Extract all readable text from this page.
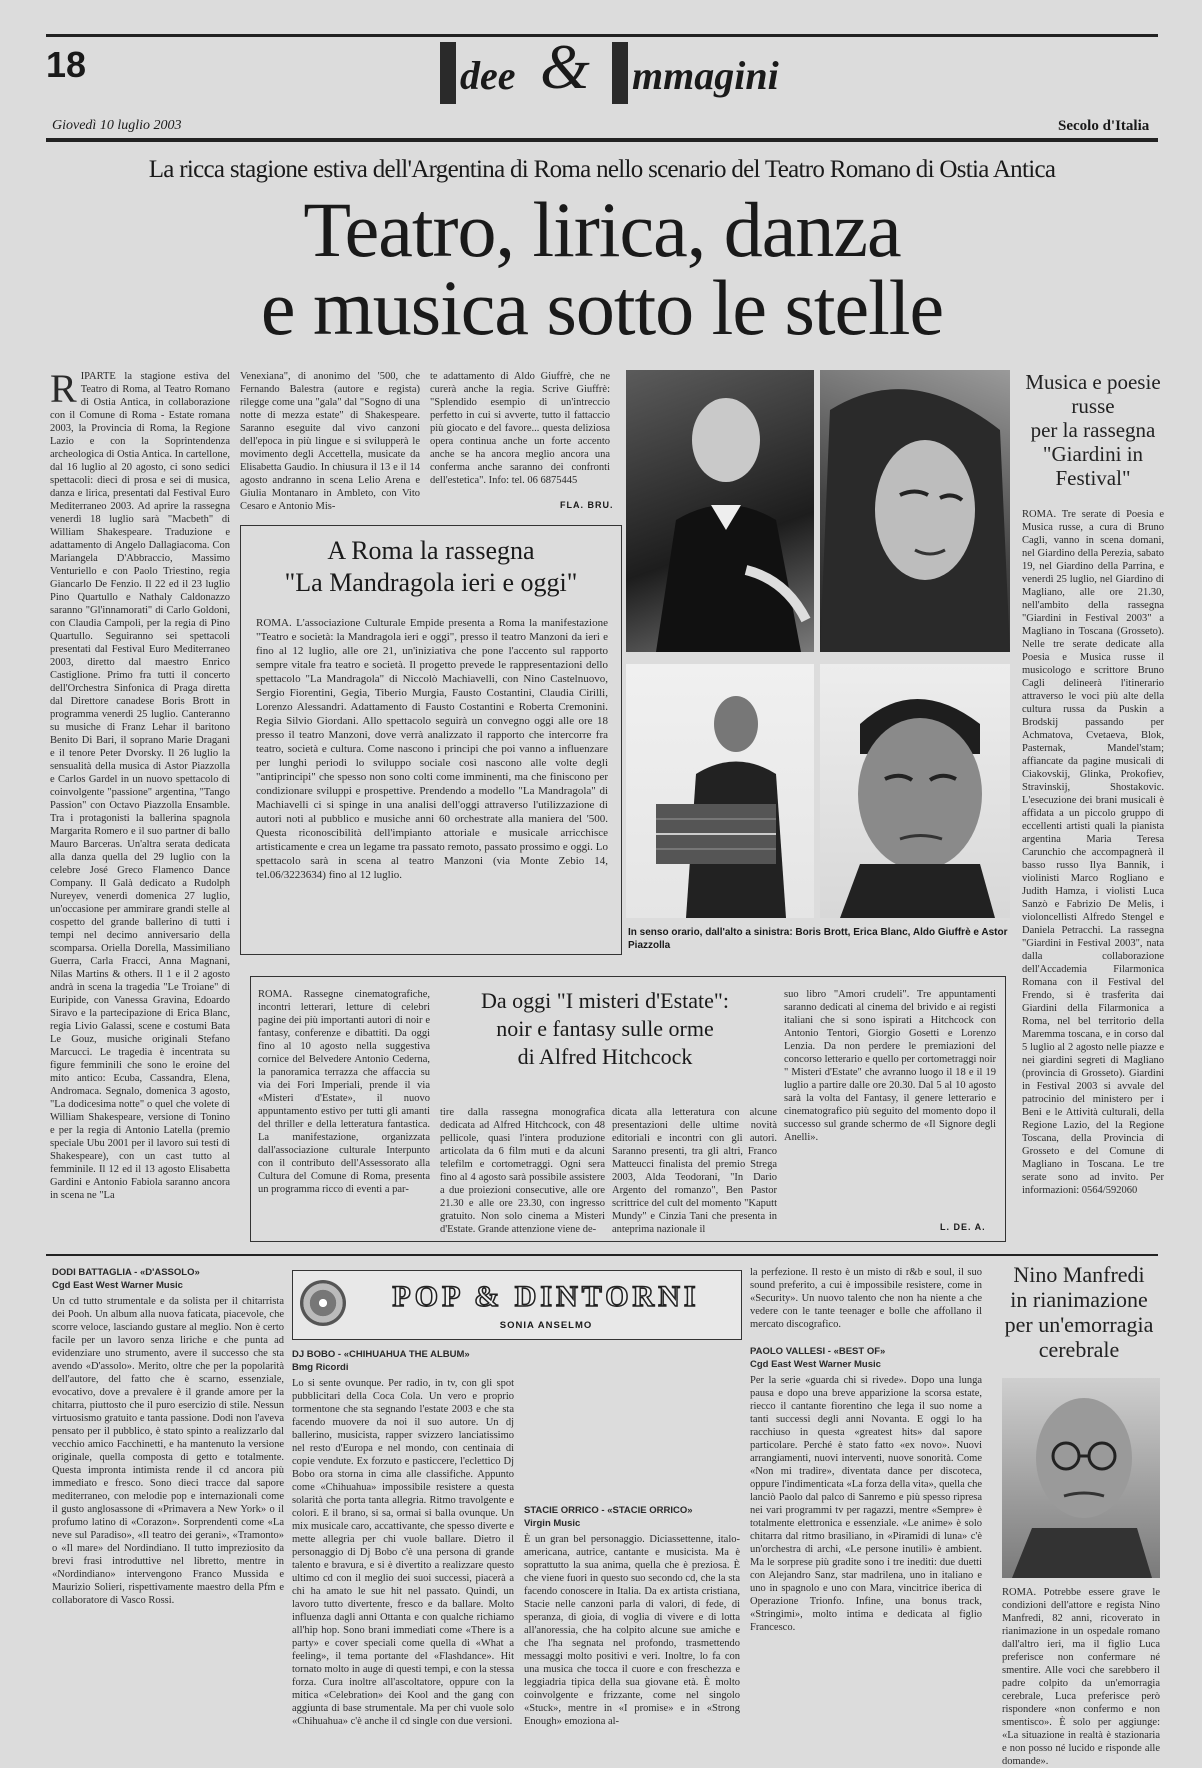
18	dee & mmagini
Giovedì 10 luglio 2003	Secolo d'Italia
La ricca stagione estiva dell'Argentina di Roma nello scenario del Teatro Romano di Ostia Antica
Teatro, lirica, danza
e musica sotto le stelle
RIPARTE la stagione estiva del Teatro di Roma, al Teatro Romano di Ostia Antica, in collaborazione con il Comune di Roma - Estate romana 2003, la Provincia di Roma, la Regione Lazio e con la Soprintendenza archeologica di Ostia Antica. In cartellone, dal 16 luglio al 20 agosto, ci sono sedici spettacoli: dieci di prosa e sei di musica, danza e lirica, presentati dal Festival Euro Mediterraneo 2003. Ad aprire la rassegna venerdì 18 luglio sarà "Macbeth" di William Shakespeare. Traduzione e adattamento di Angelo Dallagiacoma. Con Mariangela D'Abbraccio, Massimo Venturiello e con Paolo Triestino, regia Giancarlo De Fenzio. Il 22 ed il 23 luglio Pino Quartullo e Nathaly Caldonazzo saranno "Gl'innamorati" di Carlo Goldoni, con Claudia Campoli, per la regia di Pino Quartullo. Seguiranno sei spettacoli presentati dal Festival Euro Mediterraneo 2003, diretto dal maestro Enrico Castiglione. Primo fra tutti il concerto dell'Orchestra Sinfonica di Praga diretta dal Direttore canadese Boris Brott in programma venerdì 25 luglio. Canteranno su musiche di Franz Lehar il baritono Benito Di Bari, il soprano Marie Draganì e il tenore Peter Dvorsky. Il 26 luglio la sensualità della musica di Astor Piazzolla e Carlos Gardel in un nuovo spettacolo di coinvolgente "passione" argentina, "Tango Passion" con Octavo Piazzolla Ensamble. Tra i protagonisti la ballerina spagnola Margarita Romero e il suo partner di ballo Mauro Barceras. Un'altra serata dedicata alla danza quella del 29 luglio con la celebre José Greco Flamenco Dance Company. Il Galà dedicato a Rudolph Nureyev, venerdì domenica 27 luglio, un'occasione per ammirare grandi stelle al cospetto del grande ballerino di tutti i tempi nel decimo anniversario della scomparsa. Oriella Dorella, Massimiliano Guerra, Carla Fracci, Anna Magnani, Nilas Martins & others. Il 1 e il 2 agosto andrà in scena la tragedia "Le Troiane" di Euripide, con Vanessa Gravina, Edoardo Siravo e la partecipazione di Erica Blanc, regia Livio Galassi, scene e costumi Bata Le Gouz, musiche originali Stefano Marcucci. Le tragedia è incentrata su figure femminili che sono le eroine del mito antico: Ecuba, Cassandra, Elena, Andromaca. Segnalo, domenica 3 agosto, "La dodicesima notte" o quel che volete di William Shakespeare, versione di Tonino e per la regia di Antonio Latella (premio speciale Ubu 2001 per il lavoro sui testi di Shakespeare), con un cast tutto al femminile. Il 12 ed il 13 agosto Elisabetta Gardini e Antonio Fabiola saranno ancora in scena ne "La
Venexiana", di anonimo del '500, che Fernando Balestra (autore e regista) rilegge come una "gala" dal "Sogno di una notte di mezza estate" di Shakespeare. Saranno eseguite dal vivo canzoni dell'epoca in più lingue e si svilupperà le movimento degli Accettella, musicate da Elisabetta Gaudio. In chiusura il 13 e il 14 agosto andranno in scena Lelio Arena e Giulia Montanaro in Ambleto, con Vito Cesaro e Antonio Mis-
te adattamento di Aldo Giuffrè, che ne curerà anche la regia. Scrive Giuffrè: "Splendido esempio di un'intreccio perfetto in cui si avverte, tutto il fattaccio più giocato e del favore... questa deliziosa opera continua anche un forte accento anche se ha ancora meglio ancora una conferma anche saranno dei confronti dell'estetica". Info: tel. 06 6875445
FLA. BRU.
A Roma la rassegna
"La Mandragola ieri e oggi"
ROMA. L'associazione Culturale Empide presenta a Roma la manifestazione "Teatro e società: la Mandragola ieri e oggi", presso il teatro Manzoni da ieri e fino al 12 luglio, alle ore 21, un'iniziativa che pone l'accento sul rapporto sempre vitale fra teatro e società. Il progetto prevede le rappresentazioni dello spettacolo "La Mandragola" di Niccolò Machiavelli, con Nino Castelnuovo, Sergio Fiorentini, Gegia, Tiberio Murgia, Fausto Costantini, Claudia Cirilli, Lorenzo Alessandri. Adattamento di Fausto Costantini e Roberta Cremonini. Regia Silvio Giordani. Allo spettacolo seguirà un convegno oggi alle ore 18 presso il teatro Manzoni, dove verrà analizzato il rapporto che intercorre fra teatro, società e cultura. Come nascono i principi che poi vanno a influenzare per lunghi periodi lo sviluppo sociale così nascono alle volte degli "antiprincipi" che spesso non sono colti come imminenti, ma che finiscono per condizionare sviluppi e prospettive. Prendendo a modello "La Mandragola" di Machiavelli ci si spinge in una analisi dell'oggi attraverso l'utilizzazione di autori noti al pubblico e musiche anni 60 orchestrate alla maniera del '500. Questa riconoscibilità dell'impianto attoriale e musicale arricchisce artisticamente e crea un legame tra passato remoto, passato prossimo e oggi. Lo spettacolo sarà in scena al teatro Manzoni (via Monte Zebio 14, tel.06/3223634) fino al 12 luglio.
In senso orario, dall'alto a sinistra: Boris Brott, Erica Blanc, Aldo Giuffrè e Astor Piazzolla
Musica e poesie
russe
per la rassegna
"Giardini in Festival"
ROMA. Tre serate di Poesia e Musica russe, a cura di Bruno Cagli, vanno in scena domani, nel Giardino della Perezia, sabato 19, nel Giardino della Parrina, e venerdì 25 luglio, nel Giardino di Magliano, alle ore 21.30, nell'ambito della rassegna "Giardini in Festival 2003" a Magliano in Toscana (Grosseto). Nelle tre serate dedicate alla Poesia e Musica russe il musicologo e scrittore Bruno Cagli delineerà l'itinerario attraverso le voci più alte della cultura russa da Puskin a Brodskij passando per Achmatova, Cvetaeva, Blok, Pasternak, Mandel'stam; affiancate da pagine musicali di Ciakovskij, Glinka, Prokofiev, Stravinskij, Shostakovic. L'esecuzione dei brani musicali è affidata a un piccolo gruppo di eccellenti artisti quali la pianista argentina Maria Teresa Carunchio che accompagnerà il basso russo Ilya Bannik, i violinisti Marco Rogliano e Judith Hamza, i violisti Luca Sanzò e Fabrizio De Melis, i violoncellisti Alfredo Stengel e Daniela Petracchi. La rassegna "Giardini in Festival 2003", nata dalla collaborazione dell'Accademia Filarmonica Romana con il Festival del Frendo, si è trasferita dai Giardini della Filarmonica a Roma, nel bel territorio della Maremma toscana, e in corso dal 5 luglio al 2 agosto nelle piazze e nei giardini segreti di Magliano (provincia di Grosseto). Giardini in Festival 2003 si avvale del patrocinio del ministero per i Beni e le Attività culturali, della Regione Lazio, del la Regione Toscana, della Provincia di Grosseto e del Comune di Magliano in Toscana. Le tre serate sono ad invito. Per informazioni: 0564/592060
ROMA. Rassegne cinematografiche, incontri letterari, letture di celebri pagine dei più importanti autori di noir e fantasy, conferenze e dibattiti. Da oggi fino al 10 agosto nella suggestiva cornice del Belvedere Antonio Cederna, la panoramica terrazza che affaccia su via dei Fori Imperiali, prende il via «Misteri d'Estate», il nuovo appuntamento estivo per tutti gli amanti del thriller e della letteratura fantastica. La manifestazione, organizzata dall'associazione culturale Interpunto con il contributo dell'Assessorato alla Cultura del Comune di Roma, presenta un programma ricco di eventi a par-
Da oggi "I misteri d'Estate":
noir e fantasy sulle orme
di Alfred Hitchcock
tire dalla rassegna monografica dedicata ad Alfred Hitchcock, con 48 pellicole, quasi l'intera produzione articolata da 6 film muti e da alcuni telefilm e cortometraggi. Ogni sera fino al 4 agosto sarà possibile assistere a due proiezioni consecutive, alle ore 21.30 e alle ore 23.30, con ingresso gratuito. Non solo cinema a Misteri d'Estate. Grande attenzione viene de-
dicata alla letteratura con alcune presentazioni delle ultime novità editoriali e incontri con gli autori. Saranno presenti, tra gli altri, Franco Matteucci finalista del premio Strega 2003, Alda Teodorani, "In Dario Argento del romanzo", Ben Pastor scrittrice del cult del momento "Kaputt Mundy" e Cinzia Tani che presenta in anteprima nazionale il
suo libro "Amori crudeli". Tre appuntamenti saranno dedicati al cinema del brivido e ai registi italiani che si sono ispirati a Hitchcock con Antonio Tentori, Giorgio Gosetti e Lorenzo Lenzia. Da non perdere le premiazioni del concorso letterario e quello per cortometraggi noir " Misteri d'Estate" che avranno luogo il 18 e il 19 luglio a partire dalle ore 20.30. Dal 5 al 10 agosto sarà la volta del Fantasy, il genere letterario e cinematografico più seguito del momento dopo il successo sul grande schermo de «Il Signore degli Anelli».
L. DE. A.
DODI BATTAGLIA - «D'ASSOLO»
Cgd East West Warner Music
Un cd tutto strumentale e da solista per il chitarrista dei Pooh. Un album alla nuova faticata, piacevole, che scorre veloce, lasciando gustare al meglio. Non è certo facile per un lavoro senza liriche e che punta ad evidenziare uno strumento, avere il successo che sta avendo «D'assolo». Merito, oltre che per la popolarità dell'autore, del fatto che è scarno, essenziale, evocativo, dove a prevalere è il grande amore per la chitarra, piuttosto che il puro esercizio di stile. Nessun virtuosismo gratuito e tanta passione. Dodi non l'aveva pensato per il pubblico, è stato spinto a realizzarlo dal vecchio amico Facchinetti, e ha mantenuto la versione originale, quella composta di getto e totalmente. Questa impronta intimista rende il cd ancora più immediato e fresco. Sono dieci tracce dal sapore mediterraneo, con melodie pop e internazionali come il gusto anglosassone di «Primavera a New York» o il profumo latino di «Corazon». Sorprendenti come «La neve sul Paradiso», «Il teatro dei gerani», «Tramonto» o «Il mare» del Nordindiano. Il tutto impreziosito da brevi frasi introduttive nel libretto, mentre in «Nordindiano» intervengono Franco Mussida e Maurizio Solieri, rispettivamente maestro della Pfm e collaboratore di Vasco Rossi.
POP & DINTORNI
SONIA ANSELMO
DJ BOBO - «CHIHUAHUA THE ALBUM»
Bmg Ricordi
Lo si sente ovunque. Per radio, in tv, con gli spot pubblicitari della Coca Cola. Un vero e proprio tormentone che sta segnando l'estate 2003 e che sta facendo muovere da noi il suo autore. Un dj ballerino, musicista, rapper svizzero lanciatissimo nel resto d'Europa e nel mondo, con centinaia di copie vendute. Ex forzuto e pasticcere, l'eclettico Dj Bobo ora storna in cima alle classifiche. Appunto come «Chihuahua» impossibile resistere a questa solarità che porta tanta allegria. Ritmo travolgente e colori. E il brano, si sa, ormai si balla ovunque. Un mix musicale caro, accattivante, che spesso diverte e mette allegria per chi vuole ballare. Dietro il personaggio di Dj Bobo c'è una persona di grande talento e bravura, e si è divertito a realizzare questo ultimo cd con il meglio dei suoi successi, piacerà a chi ha amato le sue hit nel passato. Quindi, un lavoro tutto divertente, fresco e da ballare. Molto influenza dagli anni Ottanta e con qualche richiamo all'hip hop. Sono brani immediati come «There is a party» e cover speciali come quella di «What a feeling», il tema portante del «Flashdance». Hit tornato molto in auge di questi tempi, e con la stessa forza. Cura inoltre all'ascoltatore, oppure con la mitica «Celebration» dei Kool and the gang con aggiunta di base strumentale. Ma per chi vuole solo «Chihuahua» c'è anche il cd single con due versioni.
STACIE ORRICO - «STACIE ORRICO»
Virgin Music
È un gran bel personaggio. Diciassettenne, italo-americana, autrice, cantante e musicista. Ma è soprattutto la sua anima, quella che è preziosa. È che viene fuori in questo suo secondo cd, che la sta facendo conoscere in Italia. Da ex artista cristiana, Stacie nelle canzoni parla di valori, di fede, di speranza, di gioia, di voglia di vivere e di lotta all'anoressia, che ha colpito alcune sue amiche e che l'ha segnata nel profondo, trasmettendo messaggi molto positivi e veri. Inoltre, lo fa con una musica che tocca il cuore e con freschezza e leggiadria tipica della sua giovane età. È molto coinvolgente e frizzante, come nel singolo «Stuck», mentre in «I promise» e in «Strong Enough» emoziona al-
la perfezione. Il resto è un misto di r&b e soul, il suo sound preferito, a cui è impossibile resistere, come in «Security». Un nuovo talento che non ha niente a che vedere con le tante teenager e bolle che affollano il mercato discografico.
PAOLO VALLESI - «BEST OF»
Cgd East West Warner Music
Per la serie «guarda chi si rivede». Dopo una lunga pausa e dopo una breve apparizione la scorsa estate, riecco il cantante fiorentino che lega il suo nome a tanti successi degli anni Novanta. E oggi lo ha racchiuso in questa «greatest hits» dal sapore particolare. Perché è stato fatto «ex novo». Nuovi arrangiamenti, nuovi interventi, nuove sonorità. Come «Non mi tradire», diventata dance per discoteca, oppure l'indimenticata «La forza della vita», quella che lanciò Paolo dal palco di Sanremo e più spesso ripresa nei vari programmi tv per ragazzi, mentre «Sempre» è totalmente elettronica e essenziale. «Le anime» è solo chitarra dal ritmo brasiliano, in «Piramidi di luna» c'è un'orchestra di archi, «Le persone inutili» è ambient. Ma le sorprese più gradite sono i tre inediti: due duetti con Alejandro Sanz, star madrilena, uno in italiano e uno in spagnolo e uno con Mara, vincitrice iberica di Operazione Trionfo. Infine, una bonus track, «Stringimi», molto intima e dedicata al figlio Francesco.
Nino Manfredi
in rianimazione
per un'emorragia
cerebrale
ROMA. Potrebbe essere grave le condizioni dell'attore e regista Nino Manfredi, 82 anni, ricoverato in rianimazione in un ospedale romano dall'altro ieri, ma il figlio Luca preferisce non confermare né smentire. Alle voci che sarebbero il padre colpito da un'emorragia cerebrale, Luca preferisce però rispondere «non confermo e non smentisco». È solo per aggiunge: «La situazione in realtà è stazionaria e non posso né lucido e risponde alle domande».
